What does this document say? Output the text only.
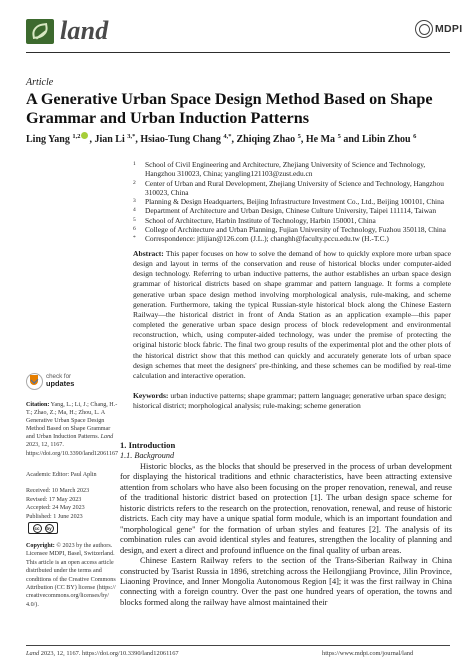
land	MDPI
Article
A Generative Urban Space Design Method Based on Shape Grammar and Urban Induction Patterns
Ling Yang $^{1,2}$ , Jian Li $^{3,*}$, Hsiao-Tung Chang $^{4,*}$, Zhiqing Zhao $^5$, He Ma $^5$ and Libin Zhou $^6$
1	School of Civil Engineering and Architecture, Zhejiang University of Science and Technology, Hangzhou 310023, China; yangling121103@zust.edu.cn
2	Center of Urban and Rural Development, Zhejiang University of Science and Technology, Hangzhou 310023, China
3	Planning & Design Headquarters, Beijing Infrastructure Investment Co., Ltd., Beijing 100101, China
4	Department of Architecture and Urban Design, Chinese Culture University, Taipei 111114, Taiwan
5	School of Architecture, Harbin Institute of Technology, Harbin 150001, China
6	College of Architecture and Urban Planning, Fujian University of Technology, Fuzhou 350118, China
*	Correspondence: jtlijian@126.com (J.L.); changhh@faculty.pccu.edu.tw (H.-T.C.)
Abstract: This paper focuses on how to solve the demand of how to quickly explore more urban space design and layout in terms of the conservation and reuse of historical blocks under computer-aided design technology. Referring to urban inductive patterns, the author establishes an urban space design grammar of historical districts based on shape grammar and pattern language. It forms a complete generative urban space design method involving morphological analysis, rule-making, and scheme generation. Furthermore, taking the typical Russian-style historical block along the Chinese Eastern Railway—the historical district in front of Anda Station as an application example—this paper completed the generative urban space design process of block redevelopment and environmental reconstruction, which, using computer-aided technology, was under the premise of protecting the original historic block fabric. The final two group results of the experimental plot and the other plots of the historical district show that this method can quickly and accurately generate lots of urban space design schemes that meet the designers' pre-thinking, and these schemes can be modified by real-time calculation and interactive operation.
Keywords: urban inductive patterns; shape grammar; pattern language; generative urban space design; historical district; morphological analysis; rule-making; scheme generation
check for
updates
Citation: Yang, L.; Li, J.; Chang, H.-T.; Zhao, Z.; Ma, H.; Zhou, L. A Generative Urban Space Design Method Based on Shape Grammar and Urban Induction Patterns. Land 2023, 12, 1167. https://doi.org/10.3390/land12061167
Academic Editor: Paul Aplin
Received: 10 March 2023
Revised: 17 May 2023
Accepted: 24 May 2023
Published: 1 June 2023
cc	by
Copyright: © 2023 by the authors. Licensee MDPI, Basel, Switzerland. This article is an open access article distributed under the terms and conditions of the Creative Commons Attribution (CC BY) license (https:// creativecommons.org/licenses/by/ 4.0/).
1. Introduction
1.1. Background

Historic blocks, as the blocks that should be preserved in the process of urban development for displaying the historical traditions and ethnic characteristics, have been attracting extensive attention from scholars who have also been focusing on the proper renovation, renewal, and reuse of the traditional historic district based on protection [1]. The urban design space scheme for historic districts refers to the research on the protection, renovation, renewal, and reuse of historic districts. Each city may have a unique spatial form module, which is an important foundation and "morphological gene" for the formation of urban styles and features [2]. The analysis of its combination rules can avoid identical styles and features, strengthen the locality of planning and design, and exert a direct and profound influence on the final quality of urban areas.

Chinese Eastern Railway refers to the section of the Trans-Siberian Railway in China constructed by Tsarist Russia in 1896, stretching across the Heilongjiang Province, Jilin Province, Liaoning Province, and Inner Mongolia Autonomous Region [4]; it was the first railway in China connecting with a foreign country. Over the past one hundred years of operation, the towns and blocks formed along the railway have almost maintained their

Land 2023, 12, 1167. https://doi.org/10.3390/land12061167	https://www.mdpi.com/journal/land
